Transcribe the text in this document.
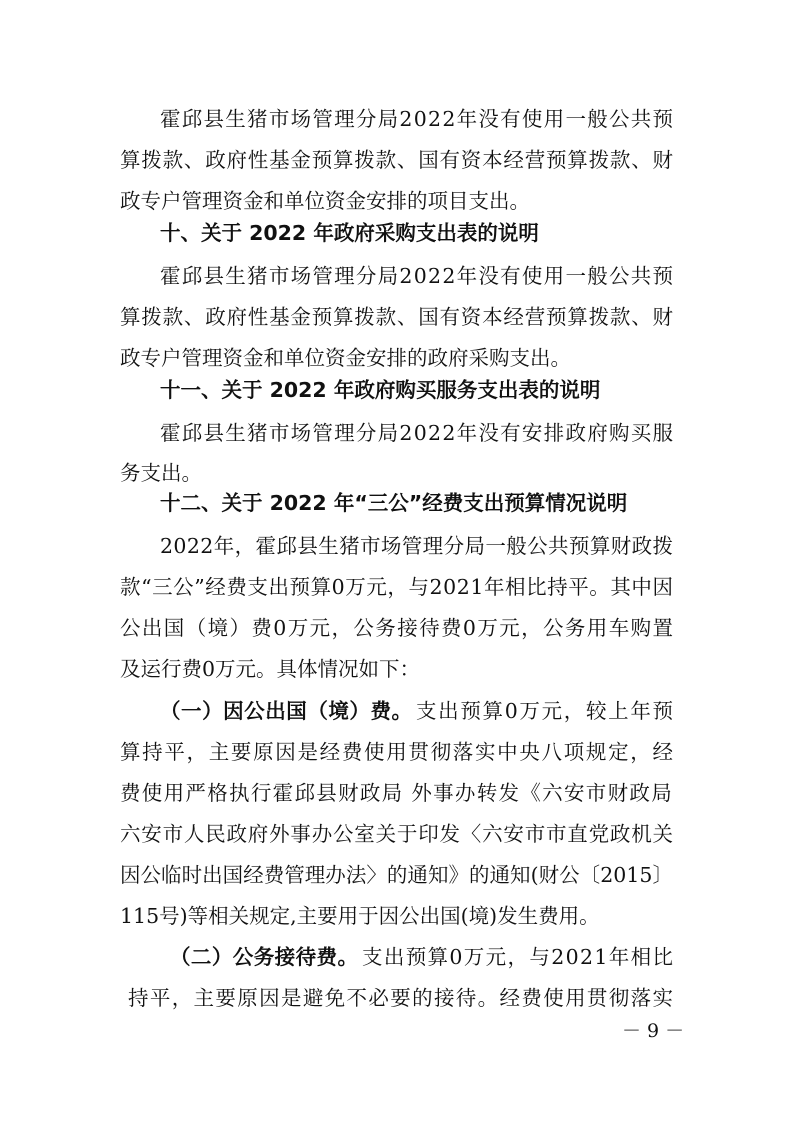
霍邱县生猪市场管理分局2022年没有使用一般公共预
算拨款、政府性基金预算拨款、国有资本经营预算拨款、财
政专户管理资金和单位资金安排的项目支出。
十、关于 2022 年政府采购支出表的说明
霍邱县生猪市场管理分局2022年没有使用一般公共预
算拨款、政府性基金预算拨款、国有资本经营预算拨款、财
政专户管理资金和单位资金安排的政府采购支出。
十一、关于 2022 年政府购买服务支出表的说明
霍邱县生猪市场管理分局2022年没有安排政府购买服
务支出。
十二、关于 2022 年“三公”经费支出预算情况说明
2022年，霍邱县生猪市场管理分局一般公共预算财政拨
款“三公”经费支出预算0万元，与2021年相比持平。其中因
公出国（境）费0万元，公务接待费0万元，公务用车购置
及运行费0万元。具体情况如下：
（一）因公出国（境）费。 支出预算0万元，较上年预
算持平，主要原因是经费使用贯彻落实中央八项规定，经
费使用严格执行霍邱县财政局 外事办转发《六安市财政局
六安市人民政府外事办公室关于印发〈六安市市直党政机关
因公临时出国经费管理办法〉的通知》的通知(财公〔2015〕
115号)等相关规定,主要用于因公出国(境)发生费用。
（二）公务接待费。 支出预算0万元，与2021年相比
持平，主要原因是避免不必要的接待。经费使用贯彻落实
－ 9 －
